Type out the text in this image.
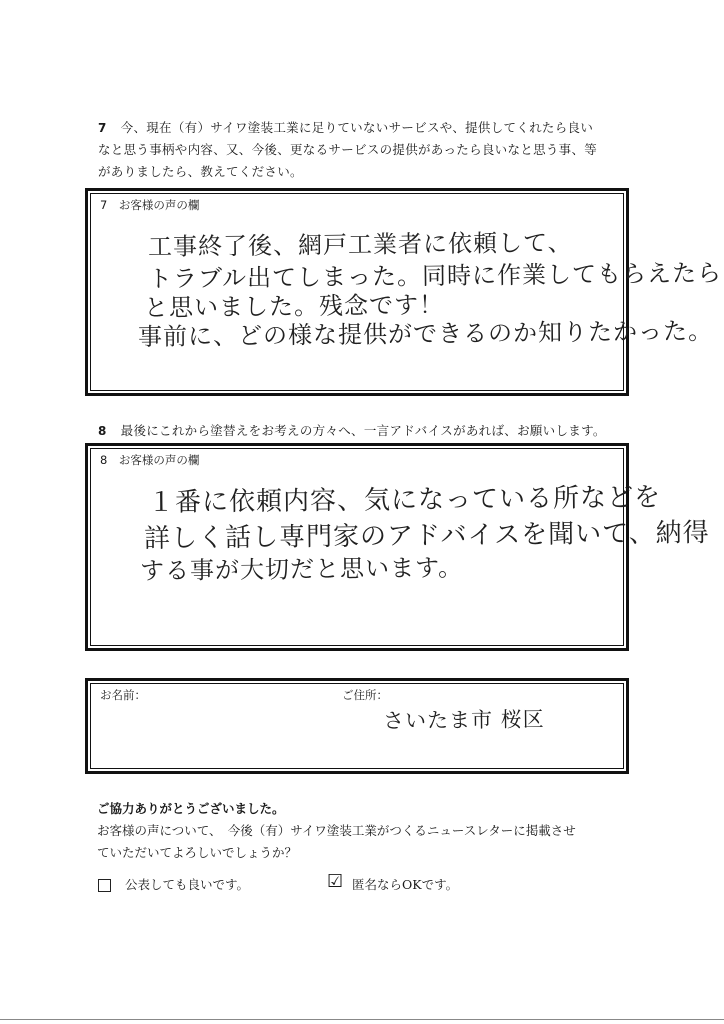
7 今、現在（有）サイワ塗装工業に足りていないサービスや、提供してくれたら良い
なと思う事柄や内容、又、今後、更なるサービスの提供があったら良いなと思う事、等
がありましたら、教えてください。
7　 お客様の声の欄
工事終了後、網戸工業者に依頼して、
トラブル出てしまった。同時に作業してもらえたら
と思いました。残念です！
事前に、どの様な提供ができるのか知りたかった。
8 最後にこれから塗替えをお考えの方々へ、一言アドバイスがあれば、お願いします。
8　 お客様の声の欄
１番に依頼内容、気になっている所などを
詳しく話し専門家のアドバイスを聞いて、納得
する事が大切だと思います。
お名前：	ご住所：
さいたま市 桜区
ご協力ありがとうございました。
お客様の声について、　今後（有）サイワ塗装工業がつくるニュースレターに掲載させ
ていただいてよろしいでしょうか？
公表しても良いです。	☑ 匿名ならOKです。
